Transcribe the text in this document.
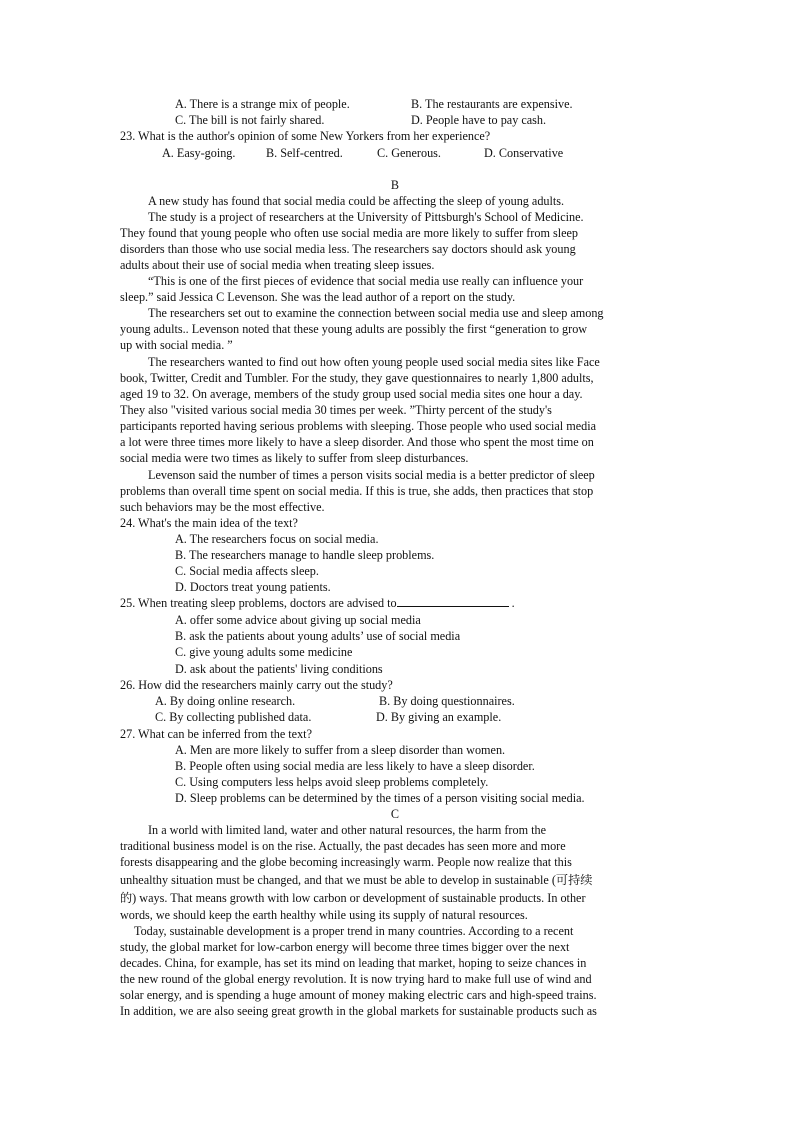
A. There is a strange mix of people.	B. The restaurants are expensive.
C. The bill is not fairly shared.	D. People have to pay cash.
23. What is the author's opinion of some New Yorkers from her experience?
A. Easy-going.	B. Self-centred.	C. Generous.	D. Conservative
B
A new study has found that social media could be affecting the sleep of young adults.
The study is a project of researchers at the University of Pittsburgh's School of Medicine.
They found that young people who often use social media are more likely to suffer from sleep
disorders than those who use social media less. The researchers say doctors should ask young
adults about their use of social media when treating sleep issues.
“This is one of the first pieces of evidence that social media use really can influence your
sleep.” said Jessica C Levenson. She was the lead author of a report on the study.
The researchers set out to examine the connection between social media use and sleep among
young adults.. Levenson noted that these young adults are possibly the first “generation to grow
up with social media. ”
The researchers wanted to find out how often young people used social media sites like Face
book, Twitter, Credit and Tumbler. For the study, they gave questionnaires to nearly 1,800 adults,
aged 19 to 32. On average, members of the study group used social media sites one hour a day.
They also "visited various social media 30 times per week. ”Thirty percent of the study's
participants reported having serious problems with sleeping. Those people who used social media
a lot were three times more likely to have a sleep disorder. And those who spent the most time on
social media were two times as likely to suffer from sleep disturbances.
Levenson said the number of times a person visits social media is a better predictor of sleep
problems than overall time spent on social media. If this is true, she adds, then practices that stop
such behaviors may be the most effective.
24. What's the main idea of the text?
A. The researchers focus on social media.
B. The researchers manage to handle sleep problems.
C. Social media affects sleep.
D. Doctors treat young patients.
25. When treating sleep problems, doctors are advised to	.
A. offer some advice about giving up social media
B. ask the patients about young adults’ use of social media
C. give young adults some medicine
D. ask about the patients' living conditions
26. How did the researchers mainly carry out the study?
A. By doing online research.	B. By doing questionnaires.
C. By collecting published data.	D. By giving an example.
27. What can be inferred from the text?
A. Men are more likely to suffer from a sleep disorder than women.
B. People often using social media are less likely to have a sleep disorder.
C. Using computers less helps avoid sleep problems completely.
D. Sleep problems can be determined by the times of a person visiting social media.
C
In a world with limited land, water and other natural resources, the harm from the
traditional business model is on the rise. Actually, the past decades has seen more and more
forests disappearing and the globe becoming increasingly warm. People now realize that this
unhealthy situation must be changed, and that we must be able to develop in sustainable (可持续
的) ways. That means growth with low carbon or development of sustainable products. In other
words, we should keep the earth healthy while using its supply of natural resources.
Today, sustainable development is a proper trend in many countries. According to a recent
study, the global market for low-carbon energy will become three times bigger over the next
decades. China, for example, has set its mind on leading that market, hoping to seize chances in
the new round of the global energy revolution. It is now trying hard to make full use of wind and
solar energy, and is spending a huge amount of money making electric cars and high-speed trains.
In addition, we are also seeing great growth in the global markets for sustainable products such as
